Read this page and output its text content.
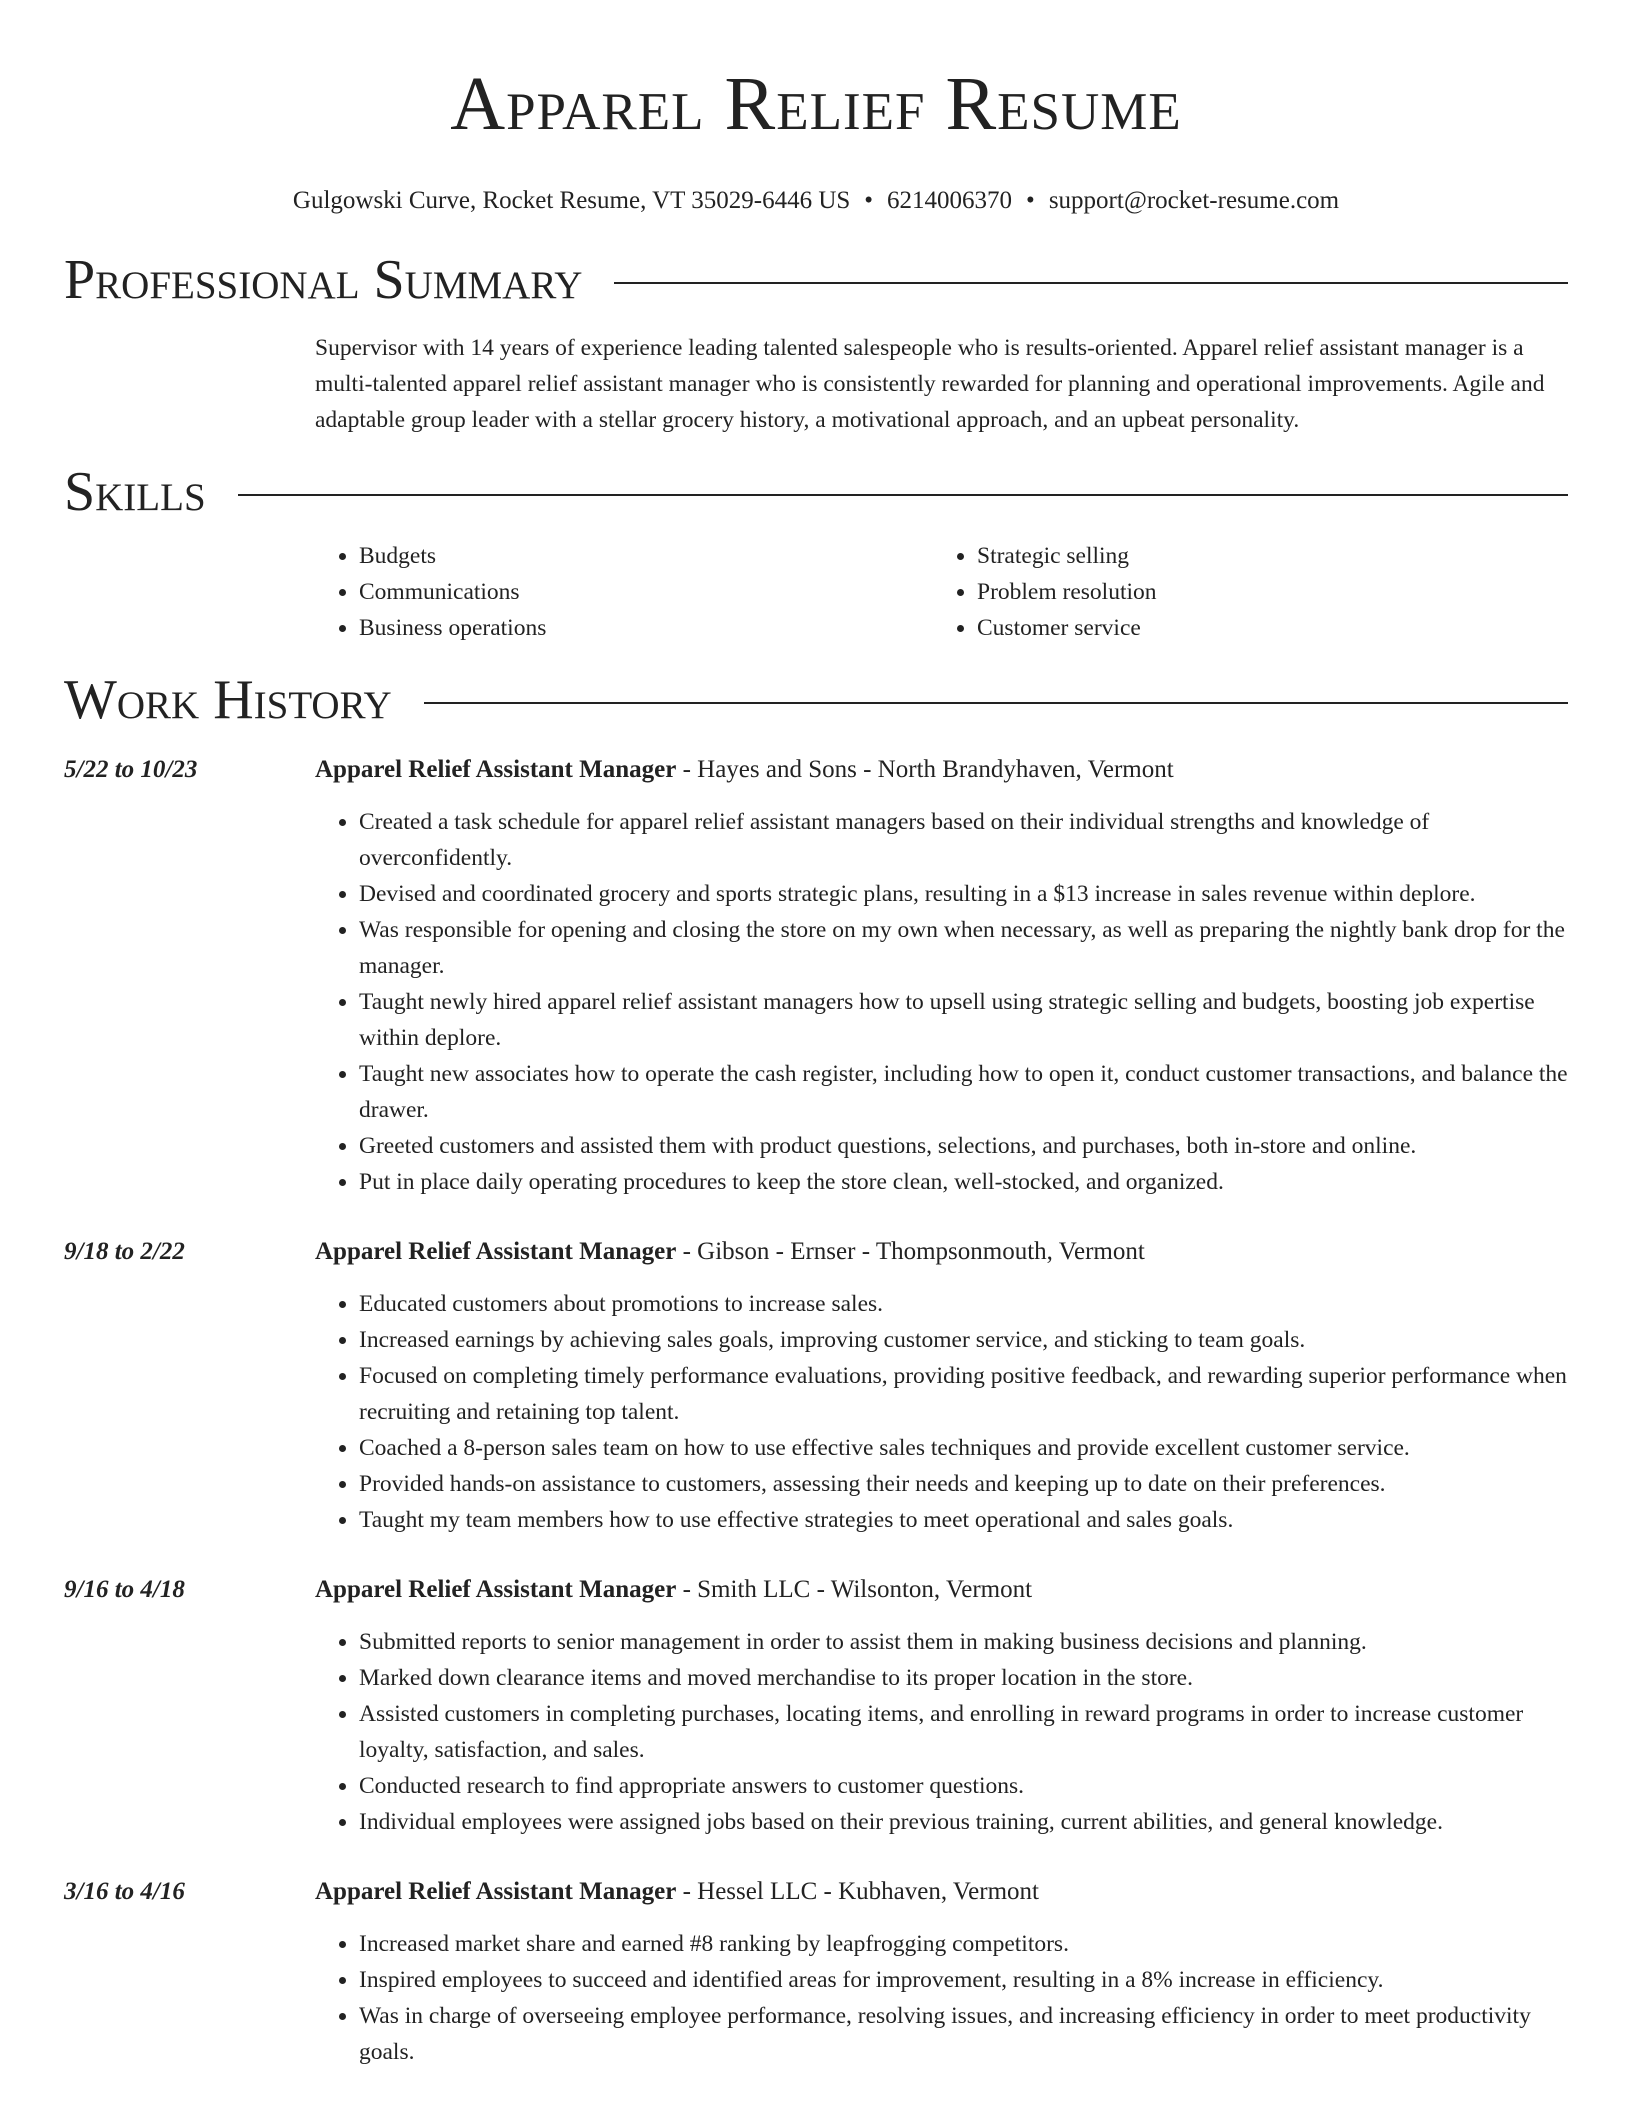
Apparel Relief Resume
Gulgowski Curve, Rocket Resume, VT 35029-6446 US • 6214006370 • support@rocket-resume.com
Professional Summary

Supervisor with 14 years of experience leading talented salespeople who is results-oriented. Apparel relief assistant manager is a multi-talented apparel relief assistant manager who is consistently rewarded for planning and operational improvements. Agile and adaptable group leader with a stellar grocery history, a motivational approach, and an upbeat personality.

Skills
• Budgets
• Communications
• Business operations
• Strategic selling
• Problem resolution
• Customer service
Work History
5/22 to 10/23	Apparel Relief Assistant Manager - Hayes and Sons - North Brandyhaven, Vermont
• Created a task schedule for apparel relief assistant managers based on their individual strengths and knowledge of overconfidently.
• Devised and coordinated grocery and sports strategic plans, resulting in a $13 increase in sales revenue within deplore.
• Was responsible for opening and closing the store on my own when necessary, as well as preparing the nightly bank drop for the manager.
• Taught newly hired apparel relief assistant managers how to upsell using strategic selling and budgets, boosting job expertise within deplore.
• Taught new associates how to operate the cash register, including how to open it, conduct customer transactions, and balance the drawer.
• Greeted customers and assisted them with product questions, selections, and purchases, both in-store and online.
• Put in place daily operating procedures to keep the store clean, well-stocked, and organized.
9/18 to 2/22	Apparel Relief Assistant Manager - Gibson - Ernser - Thompsonmouth, Vermont
• Educated customers about promotions to increase sales.
• Increased earnings by achieving sales goals, improving customer service, and sticking to team goals.
• Focused on completing timely performance evaluations, providing positive feedback, and rewarding superior performance when recruiting and retaining top talent.
• Coached a 8-person sales team on how to use effective sales techniques and provide excellent customer service.
• Provided hands-on assistance to customers, assessing their needs and keeping up to date on their preferences.
• Taught my team members how to use effective strategies to meet operational and sales goals.
9/16 to 4/18	Apparel Relief Assistant Manager - Smith LLC - Wilsonton, Vermont
• Submitted reports to senior management in order to assist them in making business decisions and planning.
• Marked down clearance items and moved merchandise to its proper location in the store.
• Assisted customers in completing purchases, locating items, and enrolling in reward programs in order to increase customer loyalty, satisfaction, and sales.
• Conducted research to find appropriate answers to customer questions.
• Individual employees were assigned jobs based on their previous training, current abilities, and general knowledge.
3/16 to 4/16	Apparel Relief Assistant Manager - Hessel LLC - Kubhaven, Vermont
• Increased market share and earned #8 ranking by leapfrogging competitors.
• Inspired employees to succeed and identified areas for improvement, resulting in a 8% increase in efficiency.
• Was in charge of overseeing employee performance, resolving issues, and increasing efficiency in order to meet productivity goals.
